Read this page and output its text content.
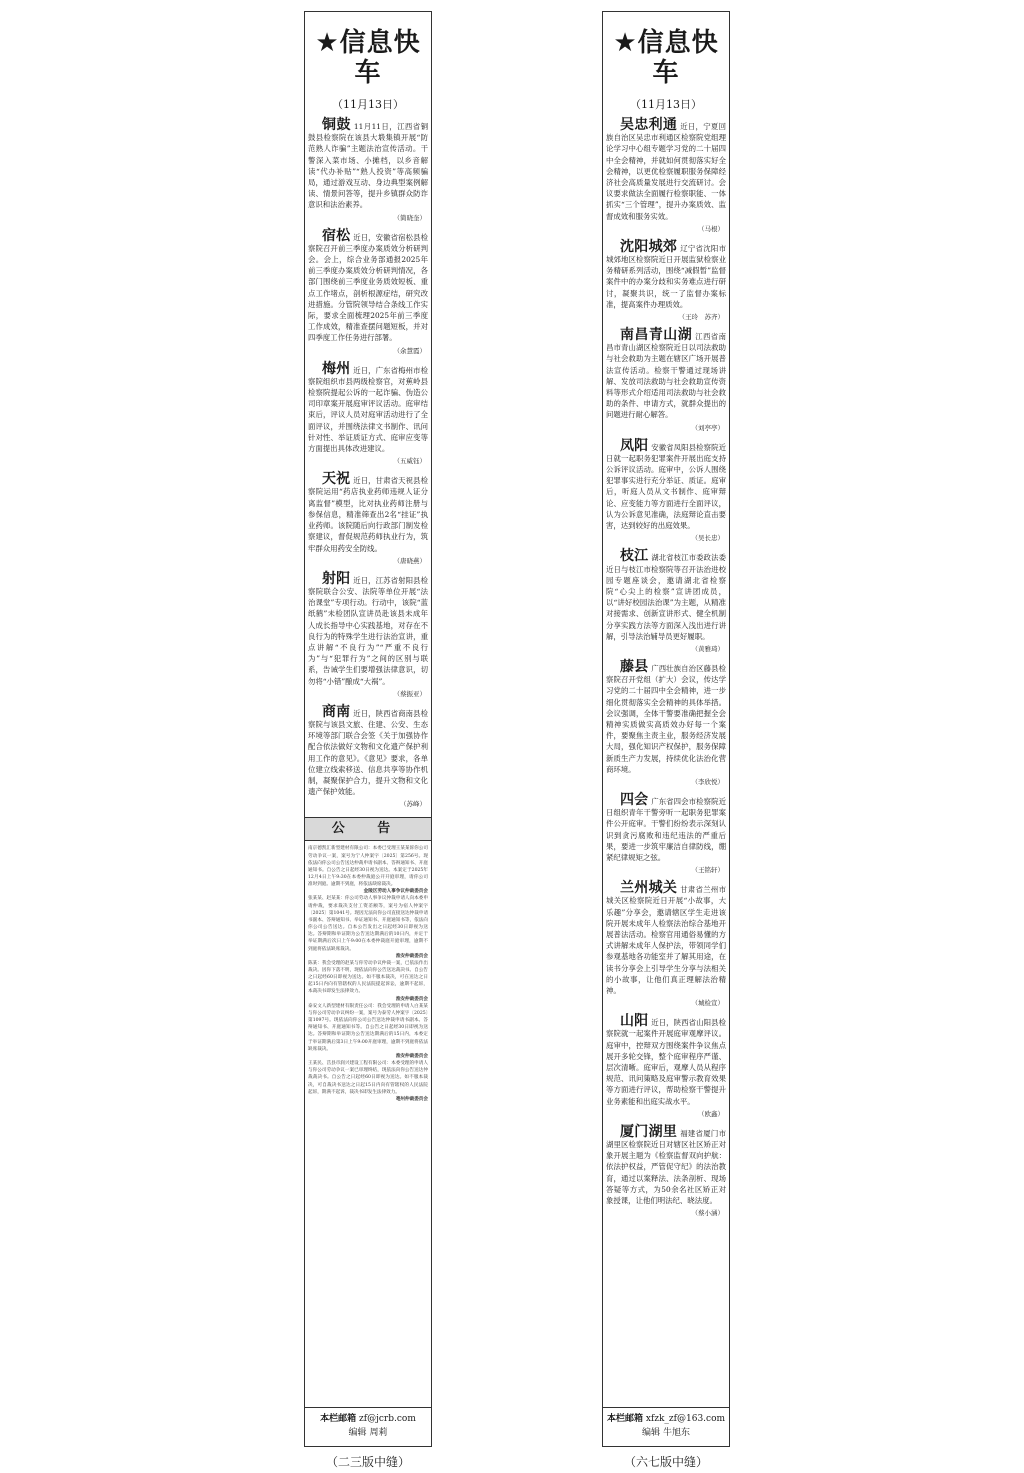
★信息快车
（11月13日）

铜鼓 11月11日，江西省铜鼓县检察院在该县大塅集镇开展“防范熟人诈骗”主题法治宣传活动。干警深入菜市场、小摊档，以乡音解读“代办补贴”“熟人投资”等高频骗局，通过游戏互动、身边典型案例解读、情景问答等，提升乡镇群众防诈意识和法治素养。

（简晓奎）

宿松 近日，安徽省宿松县检察院召开前三季度办案质效分析研判会。会上，综合业务部通报2025年前三季度办案质效分析研判情况，各部门围绕前三季度业务质效短板、重点工作堵点，剖析根源症结，研究改进措施。分管院领导结合条线工作实际，要求全面梳理2025年前三季度工作成效，精准查摆问题短板，并对四季度工作任务进行部署。

（余慧霞）

梅州 近日，广东省梅州市检察院组织市县两级检察官，对蕉岭县检察院提起公诉的一起诈骗、伪造公司印章案开展庭审评议活动。庭审结束后，评议人员对庭审活动进行了全面评议，并围绕法律文书制作、讯问针对性、举证质证方式、庭审应变等方面提出具体改进建议。

（五威钰）

天祝 近日，甘肃省天祝县检察院运用“药店执业药师违规人证分离监督”模型，比对执业药师注册与参保信息，精准筛查出2名“挂证”执业药师。该院随后向行政部门制发检察建议，督促规范药师执业行为，筑牢群众用药安全防线。

（唐晓燕）

射阳 近日，江苏省射阳县检察院联合公安、法院等单位开展“法治课堂”专项行动。行动中，该院“蓝纸鹤”未检团队宣讲员赴该县未成年人成长指导中心实践基地，对存在不良行为的特殊学生进行法治宣讲，重点讲解“不良行为”“严重不良行为”与“犯罪行为”之间的区别与联系，告诫学生们要增强法律意识，切勿将“小错”酿成“大祸”。

（蔡振亚）

商南 近日，陕西省商南县检察院与该县文旅、住建、公安、生态环境等部门联合会签《关于加强协作配合依法做好文物和文化遗产保护利用工作的意见》。《意见》要求，各单位建立线索移送、信息共享等协作机制，凝聚保护合力，提升文物和文化遗产保护效能。

（苏峰）
公 告

南京德凯汇新型建材有限公司：本委已受理王某某诉你公司劳动争议一案，案号为宁人仲案字〔2025〕第256号。现依法向你公司公告送达仲裁申请书副本、答辩通知书、开庭通知书。自公告之日起经30日视为送达。本案定于2025年12月4日上午9:30在本委仲裁庭公开开庭审理，请你公司准时到庭。逾期不到庭，将依法缺席裁决。

金陵区劳动人事争议仲裁委员会

张某某、赵某某：你公司劳动人事争议仲裁申请人向本委申请仲裁，要求裁决支付工资差额等，案号为宿人仲案字〔2025〕第1041号。现因无法向你公司直接送达仲裁申请书副本、答辩通知书、举证通知书、开庭通知书等，依法向你公司公告送达。自本公告发出之日起经30日即视为送达。答辩期和举证期为公告送达期满后的10日内，并定于举证期满后次日上午9:00在本委仲裁庭开庭审理，逾期不到庭将依法缺席裁决。

淮安仲裁委员会

陈某：我会受理的赵某与你劳动争议仲裁一案，已依法作出裁决。因你下落不明，现依法向你公告送达裁决书。自公告之日起经60日即视为送达。如不服本裁决，可在送达之日起15日内向有管辖权的人民法院提起诉讼，逾期不起诉，本裁决书即发生法律效力。

淮安仲裁委员会

泰安文人新型建材有限责任公司：我会受理的申请人白某某与你公司劳动争议纠纷一案，案号为泰劳人仲案字〔2025〕第1097号。现依法向你公司公告送达仲裁申请书副本、答辩通知书、开庭通知书等。自公告之日起经30日即视为送达。答辩期和举证期为公告送达期满后的15日内，本委定于举证期满后第3日上午9:00开庭审理，逾期不到庭将依法缺席裁决。

淮安仲裁委员会

王某民、莒县市润兴建设工程有限公司：本委受理的申请人与你公司劳动争议一案已审理终结，现依法向你公告送达仲裁裁决书。自公告之日起经60日即视为送达。如不服本裁决，可自裁决书送达之日起15日内向有管辖权的人民法院起诉，期满不起诉，裁决书即发生法律效力。

亳州仲裁委员会

本栏邮箱 zf@jcrb.com
编辑 周莉
（二三版中缝）
★信息快车
（11月13日）

吴忠利通 近日，宁夏回族自治区吴忠市利通区检察院党组理论学习中心组专题学习党的二十届四中全会精神，并就如何贯彻落实好全会精神，以更优检察履职服务保障经济社会高质量发展进行交流研讨。会议要求做法全面履行检察职能、一体抓实“三个管理”，提升办案质效、监督成效和服务实效。

（马根）

沈阳城郊 辽宁省沈阳市城郊地区检察院近日开展监狱检察业务精研系列活动，围绕“减假暂”监督案件中的办案分歧和实务难点进行研讨，凝聚共识，统一了监督办案标准，提高案件办理质效。

（王玲　苏齐）

南昌青山湖 江西省南昌市青山湖区检察院近日以司法救助与社会救助为主题在辖区广场开展普法宣传活动。检察干警通过现场讲解、发放司法救助与社会救助宣传资料等形式介绍适用司法救助与社会救助的条件、申请方式，就群众提出的问题进行耐心解答。

（刘亭亭）

凤阳 安徽省凤阳县检察院近日就一起职务犯罪案件开展出庭支持公诉评议活动。庭审中，公诉人围绕犯罪事实进行充分举证、质证。庭审后，听庭人员从文书制作、庭审辩论、应变能力等方面进行全面评议，认为公诉意见准确，法庭辩论直击要害，达到较好的出庭效果。

（吴长忠）

枝江 湖北省枝江市委政法委近日与枝江市检察院等召开法治进校园专题座谈会，邀请湖北省检察院“心尖上的检察”宣讲团成员，以“讲好校园法治课”为主题，从精准对接需求、创新宣讲形式、健全机制分享实践方法等方面深入浅出进行讲解，引导法治辅导员更好履职。

（黄雅琦）

藤县 广西壮族自治区藤县检察院召开党组（扩大）会议，传达学习党的二十届四中全会精神，进一步细化贯彻落实全会精神的具体举措。会议强调，全体干警要准确把握全会精神实质做实高质效办好每一个案件，要聚焦主责主业，服务经济发展大局，强化知识产权保护，服务保障新质生产力发展，持续优化法治化营商环境。

（李欣悦）

四会 广东省四会市检察院近日组织青年干警旁听一起职务犯罪案件公开庭审。干警们纷纷表示深刻认识到贪污腐败和违纪违法的严重后果，要进一步筑牢廉洁自律防线，绷紧纪律规矩之弦。

（王铭轩）

兰州城关 甘肃省兰州市城关区检察院近日开展“小故事，大乐趣”分享会，邀请辖区学生走进该院开展未成年人检察法治综合基地开展普法活动。检察官用通俗易懂的方式讲解未成年人保护法，带领同学们参观基地各功能室并了解其用途，在读书分享会上引导学生分享与法相关的小故事，让他们真正理解法治精神。

（城检宣）

山阳 近日，陕西省山阳县检察院就一起案件开展庭审观摩评议。庭审中，控辩双方围绕案件争议焦点展开多轮交锋，整个庭审程序严谨、层次清晰。庭审后，观摩人员从程序规范、讯问策略及庭审警示教育效果等方面进行评议，帮助检察干警提升业务素能和出庭实战水平。

（欧鑫）

厦门湖里 福建省厦门市湖里区检察院近日对辖区社区矫正对象开展主题为《检察监督双向护航：依法护权益，严管促守纪》的法治教育，通过以案释法、法条剖析、现场答疑等方式，为50余名社区矫正对象授课，让他们明法纪、晓法度。

（蔡小涵）
本栏邮箱 xfzk_zf@163.com
编辑 牛旭东
（六七版中缝）
